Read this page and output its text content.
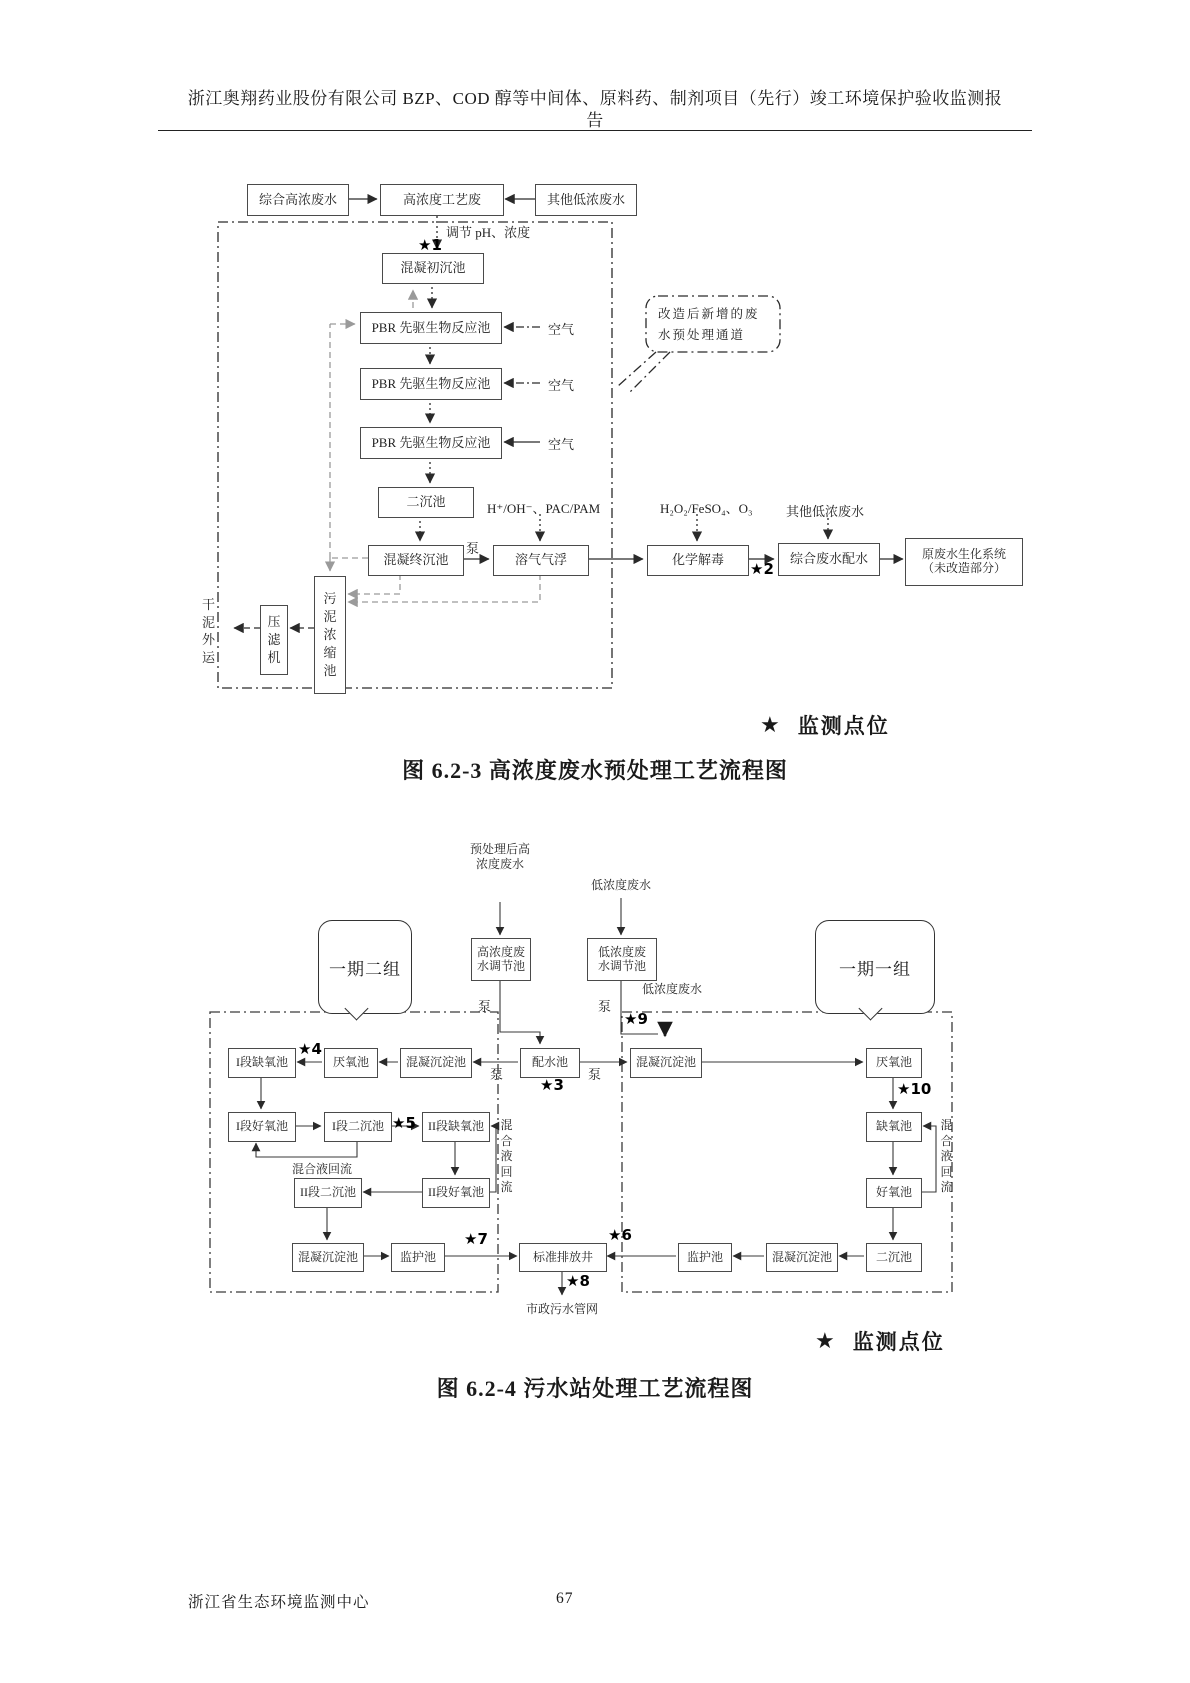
浙江奥翔药业股份有限公司 BZP、COD 醇等中间体、原料药、制剂项目（先行）竣工环境保护验收监测报
告
综合高浓废水	高浓度工艺废	其他低浓废水
调节 pH、浓度
★1
混凝初沉池
PBR 先驱生物反应池
PBR 先驱生物反应池
PBR 先驱生物反应池
空气
空气
空气
二沉池	H⁺/OH⁻、PAC/PAM	H₂O₂/FeSO₄、O₃	其他低浓废水
混凝终沉池
泵
溶气气浮	化学解毒
★2
综合废水配水	原废水生化系统
（未改造部分）
污泥浓缩池
压滤机
干泥外运
改造后新增的废
水预处理通道
★ 监测点位
图 6.2-3 高浓度废水预处理工艺流程图
预处理后高
浓度废水
低浓度废水
一期二组	一期一组
高浓度废
水调节池
低浓度废
水调节池
低浓度废水
泵	泵
★9
I段缺氧池
★4
厌氧池	混凝沉淀池
泵
配水池
★3
泵
混凝沉淀池	厌氧池
I段好氧池	I段二沉池 ★5 II段缺氧池 混合液回流
混合液回流
II段二沉池	II段好氧池
混凝沉淀池	监护池
★7
标准排放井
★8
★6
监护池	混凝沉淀池	二沉池
市政污水管网
★10
缺氧池
好氧池
混合液回流
★ 监测点位
图 6.2-4 污水站处理工艺流程图
浙江省生态环境监测中心	67
